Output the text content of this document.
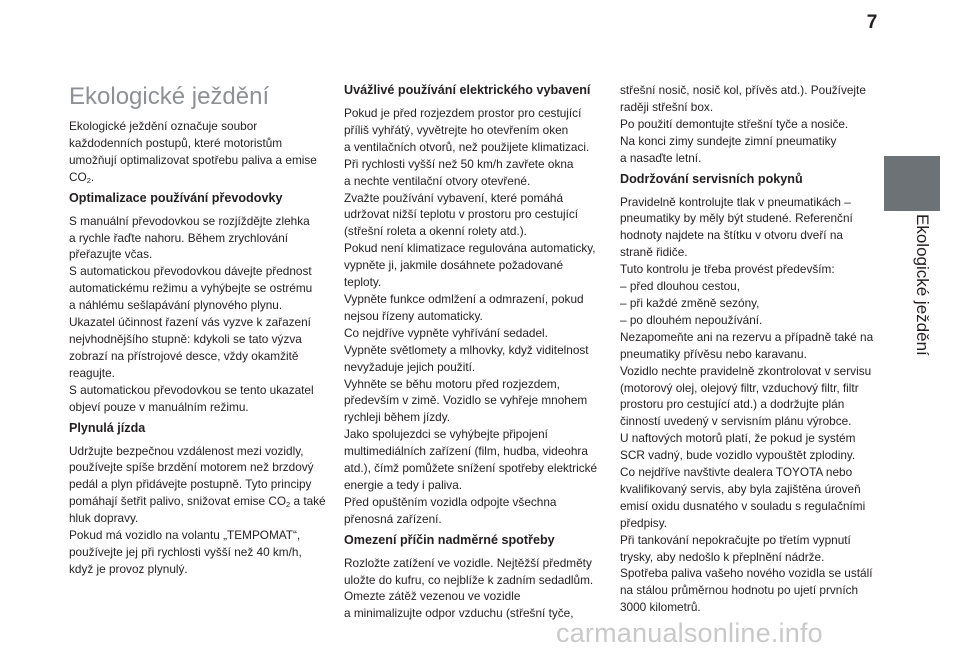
7
Ekologické ježdění
Ekologické ježdění

Ekologické ježdění označuje soubor
každodenních postupů, které motoristům
umožňují optimalizovat spotřebu paliva a emise
$CO_2$.

Optimalizace používání převodovky

S manuální převodovkou se rozjíždějte zlehka
a rychle řaďte nahoru. Během zrychlování
přeřazujte včas.
S automatickou převodovkou dávejte přednost
automatickému režimu a vyhýbejte se ostrému
a náhlému sešlapávání plynového plynu.
Ukazatel účinnost řazení vás vyzve k zařazení
nejvhodnějšího stupně: kdykoli se tato výzva
zobrazí na přístrojové desce, vždy okamžitě
reagujte.
S automatickou převodovkou se tento ukazatel
objeví pouze v manuálním režimu.

Plynulá jízda

Udržujte bezpečnou vzdálenost mezi vozidly,
používejte spíše brzdění motorem než brzdový
pedál a plyn přidávejte postupně. Tyto principy
pomáhají šetřit palivo, snižovat emise $CO_2$ a také
hluk dopravy.
Pokud má vozidlo na volantu „TEMPOMAT“,
používejte jej při rychlosti vyšší než 40 km/h,
když je provoz plynulý.

Uvážlivé používání elektrického vybavení

Pokud je před rozjezdem prostor pro cestující
příliš vyhřátý, vyvětrejte ho otevřením oken
a ventilačních otvorů, než použijete klimatizaci.
Při rychlosti vyšší než 50 km/h zavřete okna
a nechte ventilační otvory otevřené.
Zvažte používání vybavení, které pomáhá
udržovat nižší teplotu v prostoru pro cestující
(střešní roleta a okenní rolety atd.).
Pokud není klimatizace regulována automaticky,
vypněte ji, jakmile dosáhnete požadované
teploty.
Vypněte funkce odmlžení a odmrazení, pokud
nejsou řízeny automaticky.
Co nejdříve vypněte vyhřívání sedadel.
Vypněte světlomety a mlhovky, když viditelnost
nevyžaduje jejich použití.
Vyhněte se běhu motoru před rozjezdem,
především v zimě. Vozidlo se vyhřeje mnohem
rychleji během jízdy.
Jako spolujezdci se vyhýbejte připojení
multimediálních zařízení (film, hudba, videohra
atd.), čímž pomůžete snížení spotřeby elektrické
energie a tedy i paliva.
Před opuštěním vozidla odpojte všechna
přenosná zařízení.

Omezení příčin nadměrné spotřeby

Rozložte zatížení ve vozidle. Nejtěžší předměty
uložte do kufru, co nejblíže k zadním sedadlům.
Omezte zátěž vezenou ve vozidle
a minimalizujte odpor vzduchu (střešní tyče,

střešní nosič, nosič kol, přívěs atd.). Používejte
raději střešní box.
Po použití demontujte střešní tyče a nosiče.
Na konci zimy sundejte zimní pneumatiky
a nasaďte letní.

Dodržování servisních pokynů

Pravidelně kontrolujte tlak v pneumatikách –
pneumatiky by měly být studené. Referenční
hodnoty najdete na štítku v otvoru dveří na
straně řidiče.
Tuto kontrolu je třeba provést především:
– před dlouhou cestou,
– při každé změně sezóny,
– po dlouhém nepoužívání.
Nezapomeňte ani na rezervu a případně také na
pneumatiky přívěsu nebo karavanu.
Vozidlo nechte pravidelně zkontrolovat v servisu
(motorový olej, olejový filtr, vzduchový filtr, filtr
prostoru pro cestující atd.) a dodržujte plán
činností uvedený v servisním plánu výrobce.
U naftových motorů platí, že pokud je systém
SCR vadný, bude vozidlo vypouštět zplodiny.
Co nejdříve navštivte dealera TOYOTA nebo
kvalifikovaný servis, aby byla zajištěna úroveň
emisí oxidu dusnatého v souladu s regulačními
předpisy.
Při tankování nepokračujte po třetím vypnutí
trysky, aby nedošlo k přeplnění nádrže.
Spotřeba paliva vašeho nového vozidla se ustálí
na stálou průměrnou hodnotu po ujetí prvních
3000 kilometrů.

carmanualsonline.info
